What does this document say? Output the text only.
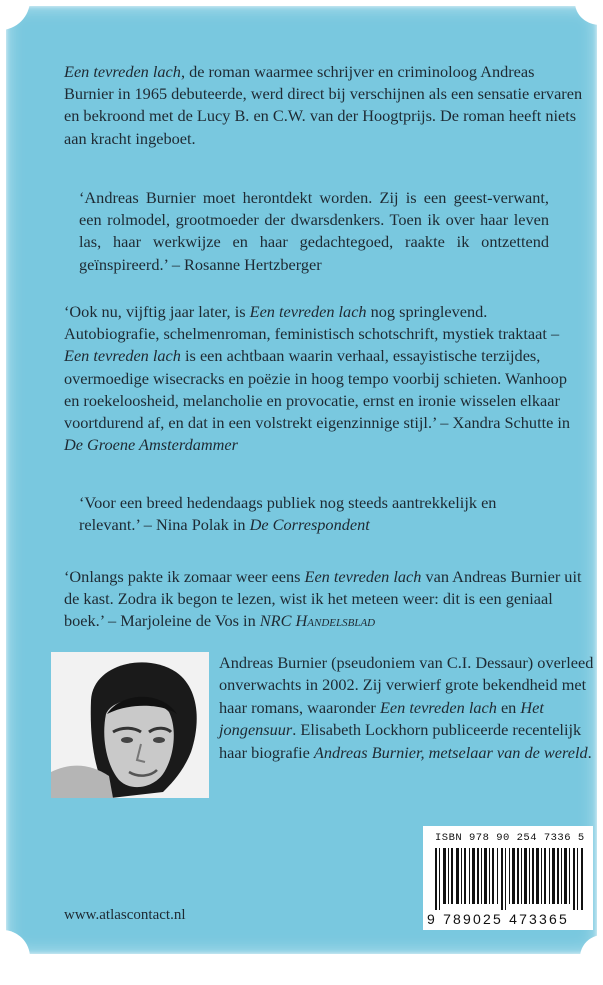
Een tevreden lach, de roman waarmee schrijver en criminoloog Andreas Burnier in 1965 debuteerde, werd direct bij verschijnen als een sensatie ervaren en bekroond met de Lucy B. en C.W. van der Hoogtprijs. De roman heeft niets aan kracht ingeboet.

‘Andreas Burnier moet herontdekt worden. Zij is een geest-verwant, een rolmodel, grootmoeder der dwarsdenkers. Toen ik over haar leven las, haar werkwijze en haar gedachtegoed, raakte ik ontzettend geïnspireerd.’ – Rosanne Hertzberger

‘Ook nu, vijftig jaar later, is Een tevreden lach nog springlevend. Autobiografie, schelmenroman, feministisch schotschrift, mystiek traktaat – Een tevreden lach is een achtbaan waarin verhaal, essayistische terzijdes, overmoedige wisecracks en poëzie in hoog tempo voorbij schieten. Wanhoop en roekeloosheid, melancholie en provocatie, ernst en ironie wisselen elkaar voortdurend af, en dat in een volstrekt eigenzinnige stijl.’ – Xandra Schutte in De Groene Amsterdammer

‘Voor een breed hedendaags publiek nog steeds aantrekkelijk en relevant.’ – Nina Polak in De Correspondent

‘Onlangs pakte ik zomaar weer eens Een tevreden lach van Andreas Burnier uit de kast. Zodra ik begon te lezen, wist ik het meteen weer: dit is een geniaal boek.’ – Marjoleine de Vos in NRC Handelsblad

Andreas Burnier (pseudoniem van C.I. Dessaur) overleed onverwachts in 2002. Zij verwierf grote bekendheid met haar romans, waaronder Een tevreden lach en Het jongensuur. Elisabeth Lockhorn publiceerde recentelijk haar biografie Andreas Burnier, metselaar van de wereld.

ISBN 978 90 254 7336 5
9 789025 473365
www.atlascontact.nl
